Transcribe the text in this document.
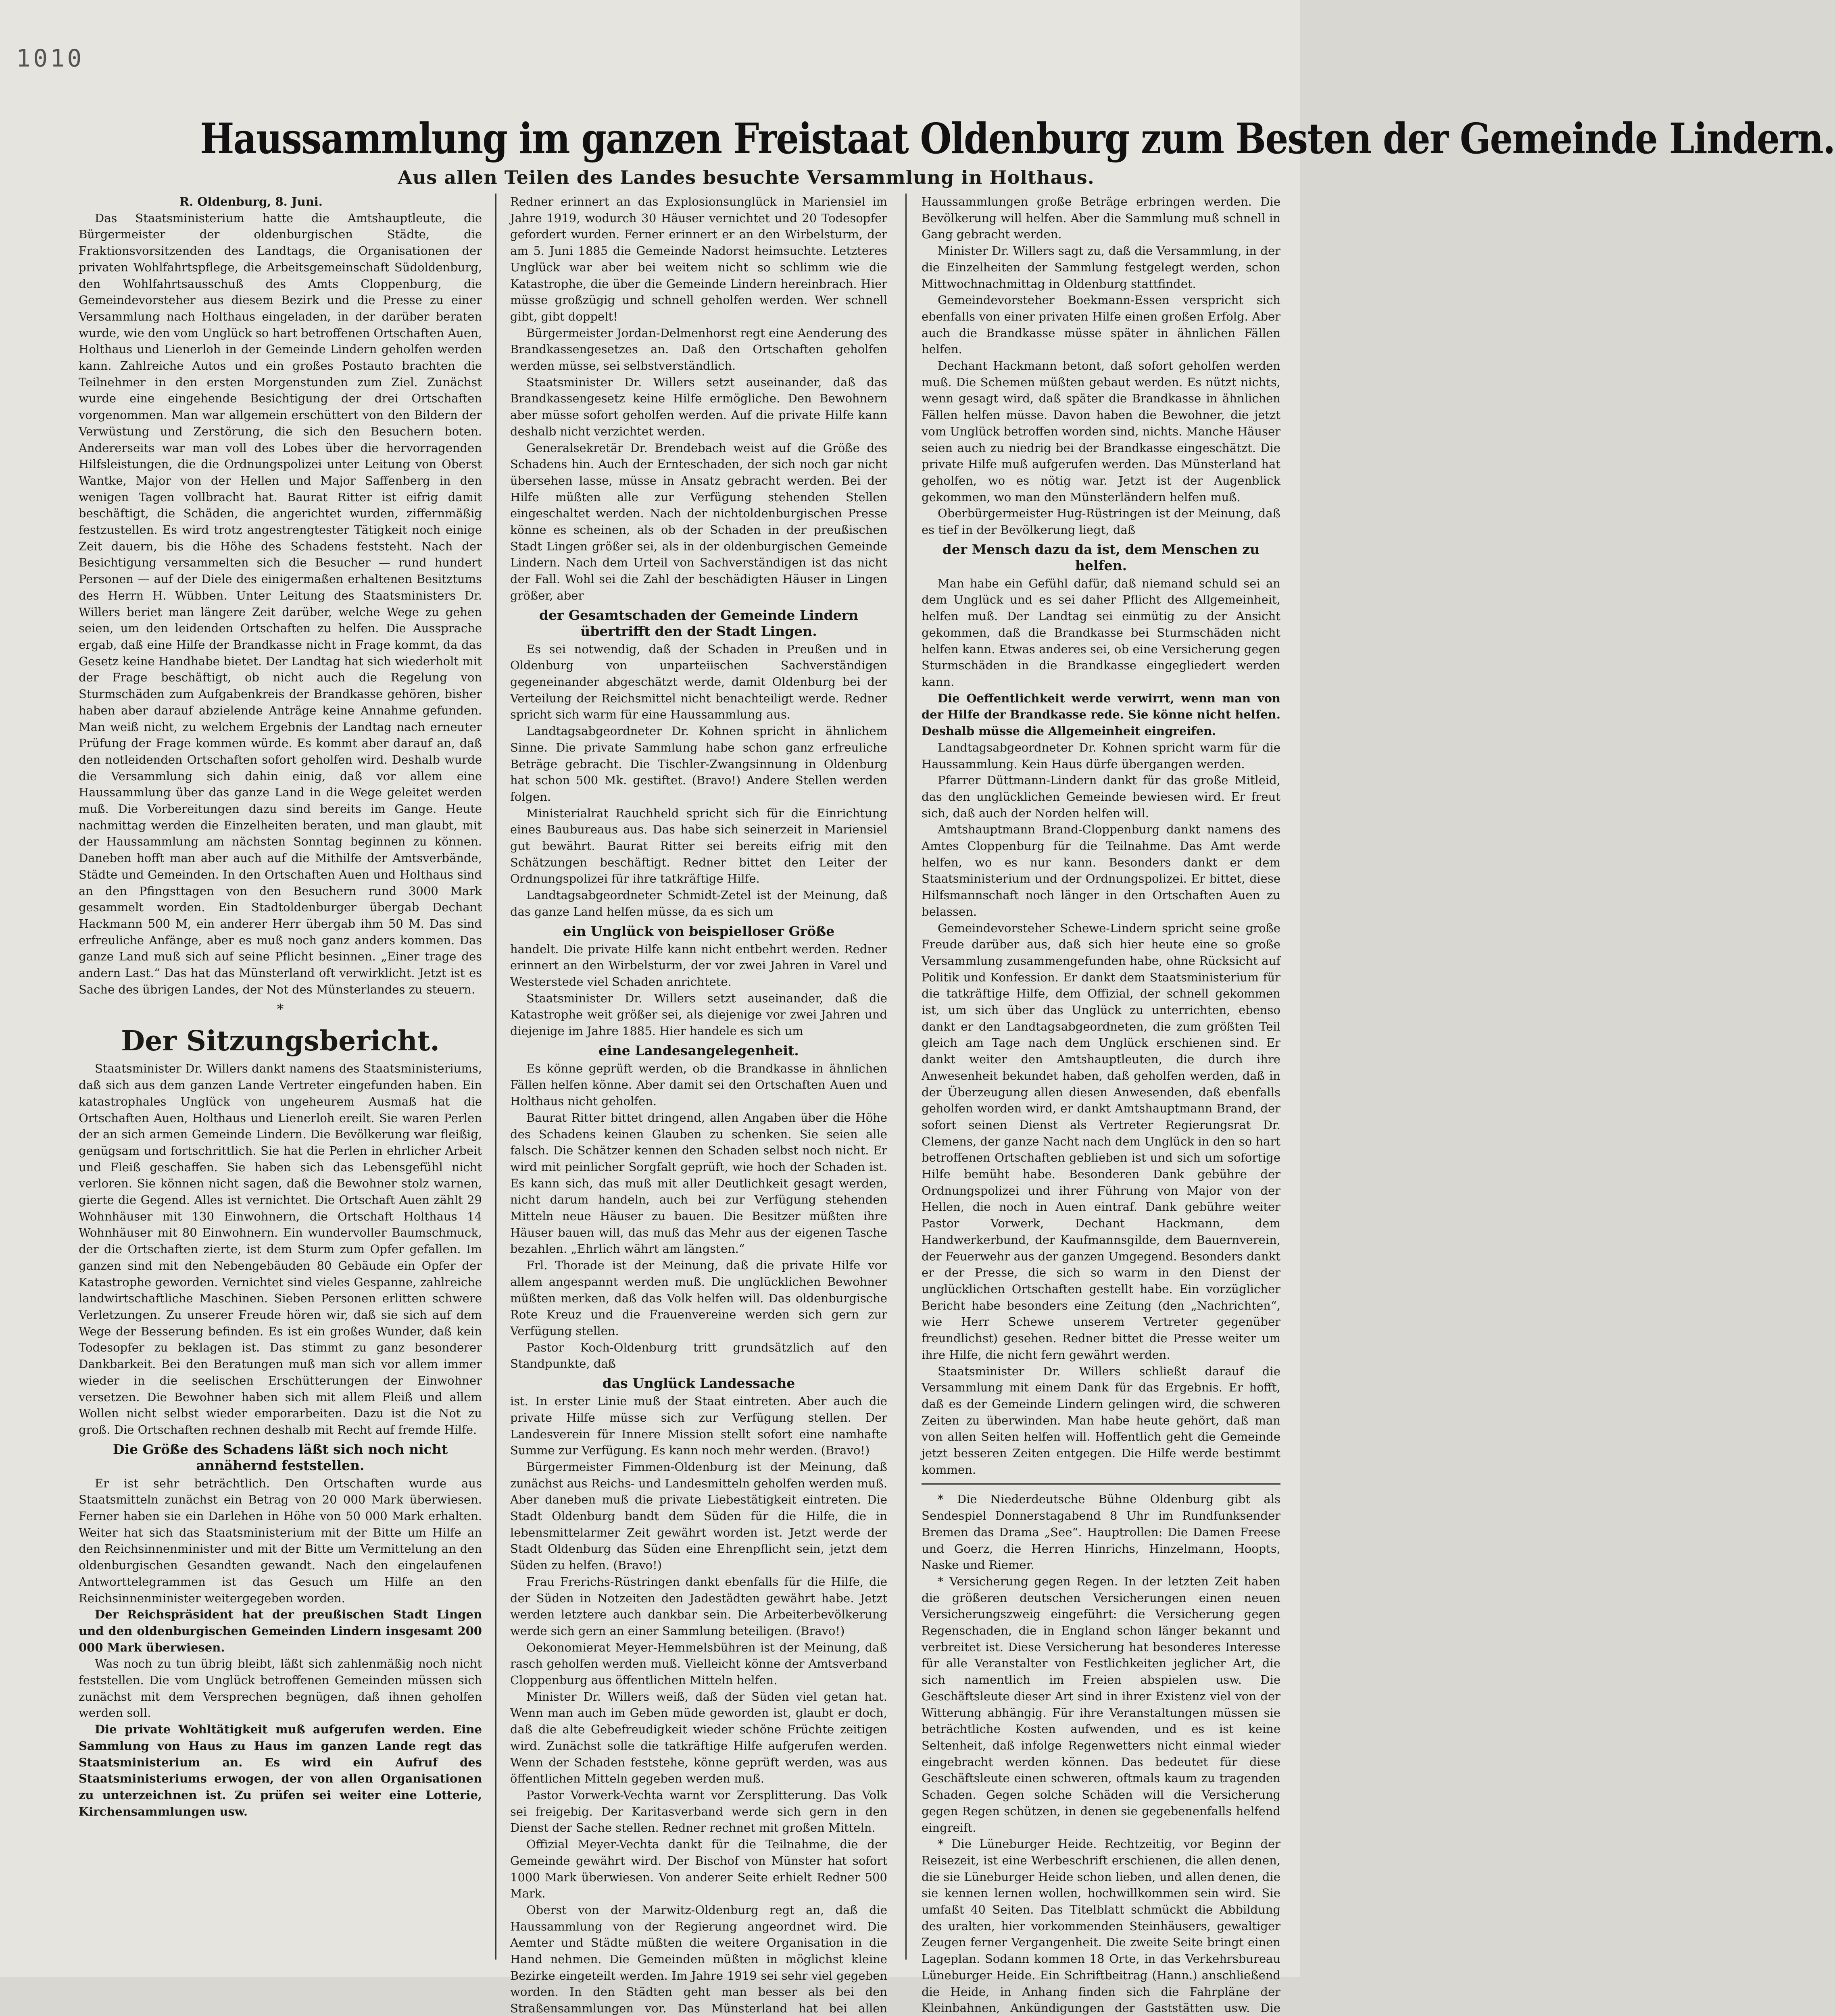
1010
Haussammlung im ganzen Freistaat Oldenburg zum Besten der Gemeinde Lindern.
Aus allen Teilen des Landes besuchte Versammlung in Holthaus.

R. Oldenburg, 8. Juni.

Das Staatsministerium hatte die Amtshauptleute, die Bürgermeister der oldenburgischen Städte, die Fraktionsvorsitzenden des Landtags, die Organisationen der privaten Wohlfahrtspflege, die Arbeitsgemeinschaft Südoldenburg, den Wohlfahrtsausschuß des Amts Cloppenburg, die Gemeindevorsteher aus diesem Bezirk und die Presse zu einer Versammlung nach Holthaus eingeladen, in der darüber beraten wurde, wie den vom Unglück so hart betroffenen Ortschaften Auen, Holthaus und Lienerloh in der Gemeinde Lindern geholfen werden kann. Zahlreiche Autos und ein großes Postauto brachten die Teilnehmer in den ersten Morgenstunden zum Ziel. Zunächst wurde eine eingehende Besichtigung der drei Ortschaften vorgenommen. Man war allgemein erschüttert von den Bildern der Verwüstung und Zerstörung, die sich den Besuchern boten. Andererseits war man voll des Lobes über die hervorragenden Hilfsleistungen, die die Ordnungspolizei unter Leitung von Oberst Wantke, Major von der Hellen und Major Saffenberg in den wenigen Tagen vollbracht hat. Baurat Ritter ist eifrig damit beschäftigt, die Schäden, die angerichtet wurden, ziffernmäßig festzustellen. Es wird trotz angestrengtester Tätigkeit noch einige Zeit dauern, bis die Höhe des Schadens feststeht. Nach der Besichtigung versammelten sich die Besucher — rund hundert Personen — auf der Diele des einigermaßen erhaltenen Besitztums des Herrn H. Wübben. Unter Leitung des Staatsministers Dr. Willers beriet man längere Zeit darüber, welche Wege zu gehen seien, um den leidenden Ortschaften zu helfen. Die Aussprache ergab, daß eine Hilfe der Brandkasse nicht in Frage kommt, da das Gesetz keine Handhabe bietet. Der Landtag hat sich wiederholt mit der Frage beschäftigt, ob nicht auch die Regelung von Sturmschäden zum Aufgabenkreis der Brandkasse gehören, bisher haben aber darauf abzielende Anträge keine Annahme gefunden. Man weiß nicht, zu welchem Ergebnis der Landtag nach erneuter Prüfung der Frage kommen würde. Es kommt aber darauf an, daß den notleidenden Ortschaften sofort geholfen wird. Deshalb wurde die Versammlung sich dahin einig, daß vor allem eine Haussammlung über das ganze Land in die Wege geleitet werden muß. Die Vorbereitungen dazu sind bereits im Gange. Heute nachmittag werden die Einzelheiten beraten, und man glaubt, mit der Haussammlung am nächsten Sonntag beginnen zu können. Daneben hofft man aber auch auf die Mithilfe der Amtsverbände, Städte und Gemeinden. In den Ortschaften Auen und Holthaus sind an den Pfingsttagen von den Besuchern rund 3000 Mark gesammelt worden. Ein Stadtoldenburger übergab Dechant Hackmann 500 M, ein anderer Herr übergab ihm 50 M. Das sind erfreuliche Anfänge, aber es muß noch ganz anders kommen. Das ganze Land muß sich auf seine Pflicht besinnen. „Einer trage des andern Last.“ Das hat das Münsterland oft verwirklicht. Jetzt ist es Sache des übrigen Landes, der Not des Münsterlandes zu steuern.

*
Der Sitzungsbericht.

Staatsminister Dr. Willers dankt namens des Staatsministeriums, daß sich aus dem ganzen Lande Vertreter eingefunden haben. Ein katastrophales Unglück von ungeheurem Ausmaß hat die Ortschaften Auen, Holthaus und Lienerloh ereilt. Sie waren Perlen der an sich armen Gemeinde Lindern. Die Bevölkerung war fleißig, genügsam und fortschrittlich. Sie hat die Perlen in ehrlicher Arbeit und Fleiß geschaffen. Sie haben sich das Lebensgefühl nicht verloren. Sie können nicht sagen, daß die Bewohner stolz warnen, gierte die Gegend. Alles ist vernichtet. Die Ortschaft Auen zählt 29 Wohnhäuser mit 130 Einwohnern, die Ortschaft Holthaus 14 Wohnhäuser mit 80 Einwohnern. Ein wundervoller Baumschmuck, der die Ortschaften zierte, ist dem Sturm zum Opfer gefallen. Im ganzen sind mit den Nebengebäuden 80 Gebäude ein Opfer der Katastrophe geworden. Vernichtet sind vieles Gespanne, zahlreiche landwirtschaftliche Maschinen. Sieben Personen erlitten schwere Verletzungen. Zu unserer Freude hören wir, daß sie sich auf dem Wege der Besserung befinden. Es ist ein großes Wunder, daß kein Todesopfer zu beklagen ist. Das stimmt zu ganz besonderer Dankbarkeit. Bei den Beratungen muß man sich vor allem immer wieder in die seelischen Erschütterungen der Einwohner versetzen. Die Bewohner haben sich mit allem Fleiß und allem Wollen nicht selbst wieder emporarbeiten. Dazu ist die Not zu groß. Die Ortschaften rechnen deshalb mit Recht auf fremde Hilfe.

Die Größe des Schadens läßt sich noch nicht annähernd feststellen.

Er ist sehr beträchtlich. Den Ortschaften wurde aus Staatsmitteln zunächst ein Betrag von 20 000 Mark überwiesen. Ferner haben sie ein Darlehen in Höhe von 50 000 Mark erhalten. Weiter hat sich das Staatsministerium mit der Bitte um Hilfe an den Reichsinnenminister und mit der Bitte um Vermittelung an den oldenburgischen Gesandten gewandt. Nach den eingelaufenen Antworttelegrammen ist das Gesuch um Hilfe an den Reichsinnenminister weitergegeben worden.

Der Reichspräsident hat der preußischen Stadt Lingen und den oldenburgischen Gemeinden Lindern insgesamt 200 000 Mark überwiesen.

Was noch zu tun übrig bleibt, läßt sich zahlenmäßig noch nicht feststellen. Die vom Unglück betroffenen Gemeinden müssen sich zunächst mit dem Versprechen begnügen, daß ihnen geholfen werden soll.

Die private Wohltätigkeit muß aufgerufen werden. Eine Sammlung von Haus zu Haus im ganzen Lande regt das Staatsministerium an. Es wird ein Aufruf des Staatsministeriums erwogen, der von allen Organisationen zu unterzeichnen ist. Zu prüfen sei weiter eine Lotterie, Kirchensammlungen usw.

Redner erinnert an das Explosionsunglück in Mariensiel im Jahre 1919, wodurch 30 Häuser vernichtet und 20 Todesopfer gefordert wurden. Ferner erinnert er an den Wirbelsturm, der am 5. Juni 1885 die Gemeinde Nadorst heimsuchte. Letzteres Unglück war aber bei weitem nicht so schlimm wie die Katastrophe, die über die Gemeinde Lindern hereinbrach. Hier müsse großzügig und schnell geholfen werden. Wer schnell gibt, gibt doppelt!

Bürgermeister Jordan-Delmenhorst regt eine Aenderung des Brandkassengesetzes an. Daß den Ortschaften geholfen werden müsse, sei selbstverständlich.

Staatsminister Dr. Willers setzt auseinander, daß das Brandkassengesetz keine Hilfe ermögliche. Den Bewohnern aber müsse sofort geholfen werden. Auf die private Hilfe kann deshalb nicht verzichtet werden.

Generalsekretär Dr. Brendebach weist auf die Größe des Schadens hin. Auch der Ernteschaden, der sich noch gar nicht übersehen lasse, müsse in Ansatz gebracht werden. Bei der Hilfe müßten alle zur Verfügung stehenden Stellen eingeschaltet werden. Nach der nichtoldenburgischen Presse könne es scheinen, als ob der Schaden in der preußischen Stadt Lingen größer sei, als in der oldenburgischen Gemeinde Lindern. Nach dem Urteil von Sachverständigen ist das nicht der Fall. Wohl sei die Zahl der beschädigten Häuser in Lingen größer, aber

der Gesamtschaden der Gemeinde Lindern übertrifft den der Stadt Lingen.

Es sei notwendig, daß der Schaden in Preußen und in Oldenburg von unparteiischen Sachverständigen gegeneinander abgeschätzt werde, damit Oldenburg bei der Verteilung der Reichsmittel nicht benachteiligt werde. Redner spricht sich warm für eine Haussammlung aus.

Landtagsabgeordneter Dr. Kohnen spricht in ähnlichem Sinne. Die private Sammlung habe schon ganz erfreuliche Beträge gebracht. Die Tischler-Zwangsinnung in Oldenburg hat schon 500 Mk. gestiftet. (Bravo!) Andere Stellen werden folgen.

Ministerialrat Rauchheld spricht sich für die Einrichtung eines Baubureaus aus. Das habe sich seinerzeit in Mariensiel gut bewährt. Baurat Ritter sei bereits eifrig mit den Schätzungen beschäftigt. Redner bittet den Leiter der Ordnungspolizei für ihre tatkräftige Hilfe.

Landtagsabgeordneter Schmidt-Zetel ist der Meinung, daß das ganze Land helfen müsse, da es sich um

ein Unglück von beispielloser Größe

handelt. Die private Hilfe kann nicht entbehrt werden. Redner erinnert an den Wirbelsturm, der vor zwei Jahren in Varel und Westerstede viel Schaden anrichtete.

Staatsminister Dr. Willers setzt auseinander, daß die Katastrophe weit größer sei, als diejenige vor zwei Jahren und diejenige im Jahre 1885. Hier handele es sich um

eine Landesangelegenheit.

Es könne geprüft werden, ob die Brandkasse in ähnlichen Fällen helfen könne. Aber damit sei den Ortschaften Auen und Holthaus nicht geholfen.

Baurat Ritter bittet dringend, allen Angaben über die Höhe des Schadens keinen Glauben zu schenken. Sie seien alle falsch. Die Schätzer kennen den Schaden selbst noch nicht. Er wird mit peinlicher Sorgfalt geprüft, wie hoch der Schaden ist. Es kann sich, das muß mit aller Deutlichkeit gesagt werden, nicht darum handeln, auch bei zur Verfügung stehenden Mitteln neue Häuser zu bauen. Die Besitzer müßten ihre Häuser bauen will, das muß das Mehr aus der eigenen Tasche bezahlen. „Ehrlich währt am längsten.“

Frl. Thorade ist der Meinung, daß die private Hilfe vor allem angespannt werden muß. Die unglücklichen Bewohner müßten merken, daß das Volk helfen will. Das oldenburgische Rote Kreuz und die Frauenvereine werden sich gern zur Verfügung stellen.

Pastor Koch-Oldenburg tritt grundsätzlich auf den Standpunkte, daß

das Unglück Landessache

ist. In erster Linie muß der Staat eintreten. Aber auch die private Hilfe müsse sich zur Verfügung stellen. Der Landesverein für Innere Mission stellt sofort eine namhafte Summe zur Verfügung. Es kann noch mehr werden. (Bravo!)

Bürgermeister Fimmen-Oldenburg ist der Meinung, daß zunächst aus Reichs- und Landesmitteln geholfen werden muß. Aber daneben muß die private Liebestätigkeit eintreten. Die Stadt Oldenburg bandt dem Süden für die Hilfe, die in lebensmittelarmer Zeit gewährt worden ist. Jetzt werde der Stadt Oldenburg das Süden eine Ehrenpflicht sein, jetzt dem Süden zu helfen. (Bravo!)

Frau Frerichs-Rüstringen dankt ebenfalls für die Hilfe, die der Süden in Notzeiten den Jadestädten gewährt habe. Jetzt werden letztere auch dankbar sein. Die Arbeiterbevölkerung werde sich gern an einer Sammlung beteiligen. (Bravo!)

Oekonomierat Meyer-Hemmelsbühren ist der Meinung, daß rasch geholfen werden muß. Vielleicht könne der Amtsverband Cloppenburg aus öffentlichen Mitteln helfen.

Minister Dr. Willers weiß, daß der Süden viel getan hat. Wenn man auch im Geben müde geworden ist, glaubt er doch, daß die alte Gebefreudigkeit wieder schöne Früchte zeitigen wird. Zunächst solle die tatkräftige Hilfe aufgerufen werden. Wenn der Schaden feststehe, könne geprüft werden, was aus öffentlichen Mitteln gegeben werden muß.

Pastor Vorwerk-Vechta warnt vor Zersplitterung. Das Volk sei freigebig. Der Karitasverband werde sich gern in den Dienst der Sache stellen. Redner rechnet mit großen Mitteln.

Offizial Meyer-Vechta dankt für die Teilnahme, die der Gemeinde gewährt wird. Der Bischof von Münster hat sofort 1000 Mark überwiesen. Von anderer Seite erhielt Redner 500 Mark.

Oberst von der Marwitz-Oldenburg regt an, daß die Haussammlung von der Regierung angeordnet wird. Die Aemter und Städte müßten die weitere Organisation in die Hand nehmen. Die Gemeinden müßten in möglichst kleine Bezirke eingeteilt werden. Im Jahre 1919 sei sehr viel gegeben worden. In den Städten geht man besser als bei den Straßensammlungen vor. Das Münsterland hat bei allen

Haussammlungen große Beträge erbringen werden. Die Bevölkerung will helfen. Aber die Sammlung muß schnell in Gang gebracht werden.

Minister Dr. Willers sagt zu, daß die Versammlung, in der die Einzelheiten der Sammlung festgelegt werden, schon Mittwochnachmittag in Oldenburg stattfindet.

Gemeindevorsteher Boekmann-Essen verspricht sich ebenfalls von einer privaten Hilfe einen großen Erfolg. Aber auch die Brandkasse müsse später in ähnlichen Fällen helfen.

Dechant Hackmann betont, daß sofort geholfen werden muß. Die Schemen müßten gebaut werden. Es nützt nichts, wenn gesagt wird, daß später die Brandkasse in ähnlichen Fällen helfen müsse. Davon haben die Bewohner, die jetzt vom Unglück betroffen worden sind, nichts. Manche Häuser seien auch zu niedrig bei der Brandkasse eingeschätzt. Die private Hilfe muß aufgerufen werden. Das Münsterland hat geholfen, wo es nötig war. Jetzt ist der Augenblick gekommen, wo man den Münsterländern helfen muß.

Oberbürgermeister Hug-Rüstringen ist der Meinung, daß es tief in der Bevölkerung liegt, daß

der Mensch dazu da ist, dem Menschen zu helfen.

Man habe ein Gefühl dafür, daß niemand schuld sei an dem Unglück und es sei daher Pflicht des Allgemeinheit, helfen muß. Der Landtag sei einmütig zu der Ansicht gekommen, daß die Brandkasse bei Sturmschäden nicht helfen kann. Etwas anderes sei, ob eine Versicherung gegen Sturmschäden in die Brandkasse eingegliedert werden kann.

Die Oeffentlichkeit werde verwirrt, wenn man von der Hilfe der Brandkasse rede. Sie könne nicht helfen. Deshalb müsse die Allgemeinheit eingreifen.

Landtagsabgeordneter Dr. Kohnen spricht warm für die Haussammlung. Kein Haus dürfe übergangen werden.

Pfarrer Düttmann-Lindern dankt für das große Mitleid, das den unglücklichen Gemeinde bewiesen wird. Er freut sich, daß auch der Norden helfen will.

Amtshauptmann Brand-Cloppenburg dankt namens des Amtes Cloppenburg für die Teilnahme. Das Amt werde helfen, wo es nur kann. Besonders dankt er dem Staatsministerium und der Ordnungspolizei. Er bittet, diese Hilfsmannschaft noch länger in den Ortschaften Auen zu belassen.

Gemeindevorsteher Schewe-Lindern spricht seine große Freude darüber aus, daß sich hier heute eine so große Versammlung zusammengefunden habe, ohne Rücksicht auf Politik und Konfession. Er dankt dem Staatsministerium für die tatkräftige Hilfe, dem Offizial, der schnell gekommen ist, um sich über das Unglück zu unterrichten, ebenso dankt er den Landtagsabgeordneten, die zum größten Teil gleich am Tage nach dem Unglück erschienen sind. Er dankt weiter den Amtshauptleuten, die durch ihre Anwesenheit bekundet haben, daß geholfen werden, daß in der Überzeugung allen diesen Anwesenden, daß ebenfalls geholfen worden wird, er dankt Amtshauptmann Brand, der sofort seinen Dienst als Vertreter Regierungsrat Dr. Clemens, der ganze Nacht nach dem Unglück in den so hart betroffenen Ortschaften geblieben ist und sich um sofortige Hilfe bemüht habe. Besonderen Dank gebühre der Ordnungspolizei und ihrer Führung von Major von der Hellen, die noch in Auen eintraf. Dank gebühre weiter Pastor Vorwerk, Dechant Hackmann, dem Handwerkerbund, der Kaufmannsgilde, dem Bauernverein, der Feuerwehr aus der ganzen Umgegend. Besonders dankt er der Presse, die sich so warm in den Dienst der unglücklichen Ortschaften gestellt habe. Ein vorzüglicher Bericht habe besonders eine Zeitung (den „Nachrichten“, wie Herr Schewe unserem Vertreter gegenüber freundlichst) gesehen. Redner bittet die Presse weiter um ihre Hilfe, die nicht fern gewährt werden.

Staatsminister Dr. Willers schließt darauf die Versammlung mit einem Dank für das Ergebnis. Er hofft, daß es der Gemeinde Lindern gelingen wird, die schweren Zeiten zu überwinden. Man habe heute gehört, daß man von allen Seiten helfen will. Hoffentlich geht die Gemeinde jetzt besseren Zeiten entgegen. Die Hilfe werde bestimmt kommen.

* Die Niederdeutsche Bühne Oldenburg gibt als Sendespiel Donnerstagabend 8 Uhr im Rundfunksender Bremen das Drama „See“. Hauptrollen: Die Damen Freese und Goerz, die Herren Hinrichs, Hinzelmann, Hoopts, Naske und Riemer.

* Versicherung gegen Regen. In der letzten Zeit haben die größeren deutschen Versicherungen einen neuen Versicherungszweig eingeführt: die Versicherung gegen Regenschaden, die in England schon länger bekannt und verbreitet ist. Diese Versicherung hat besonderes Interesse für alle Veranstalter von Festlichkeiten jeglicher Art, die sich namentlich im Freien abspielen usw. Die Geschäftsleute dieser Art sind in ihrer Existenz viel von der Witterung abhängig. Für ihre Veranstaltungen müssen sie beträchtliche Kosten aufwenden, und es ist keine Seltenheit, daß infolge Regenwetters nicht einmal wieder eingebracht werden können. Das bedeutet für diese Geschäftsleute einen schweren, oftmals kaum zu tragenden Schaden. Gegen solche Schäden will die Versicherung gegen Regen schützen, in denen sie gegebenenfalls helfend eingreift.

* Die Lüneburger Heide. Rechtzeitig, vor Beginn der Reisezeit, ist eine Werbeschrift erschienen, die allen denen, die sie Lüneburger Heide schon lieben, und allen denen, die sie kennen lernen wollen, hochwillkommen sein wird. Sie umfaßt 40 Seiten. Das Titelblatt schmückt die Abbildung des uralten, hier vorkommenden Steinhäusers, gewaltiger Zeugen ferner Vergangenheit. Die zweite Seite bringt einen Lageplan. Sodann kommen 18 Orte, in das Verkehrsbureau Lüneburger Heide. Ein Schriftbeitrag (Hann.) anschließend die Heide, in Anhang finden sich die Fahrpläne der Kleinbahnen, Ankündigungen der Gaststätten usw. Die
